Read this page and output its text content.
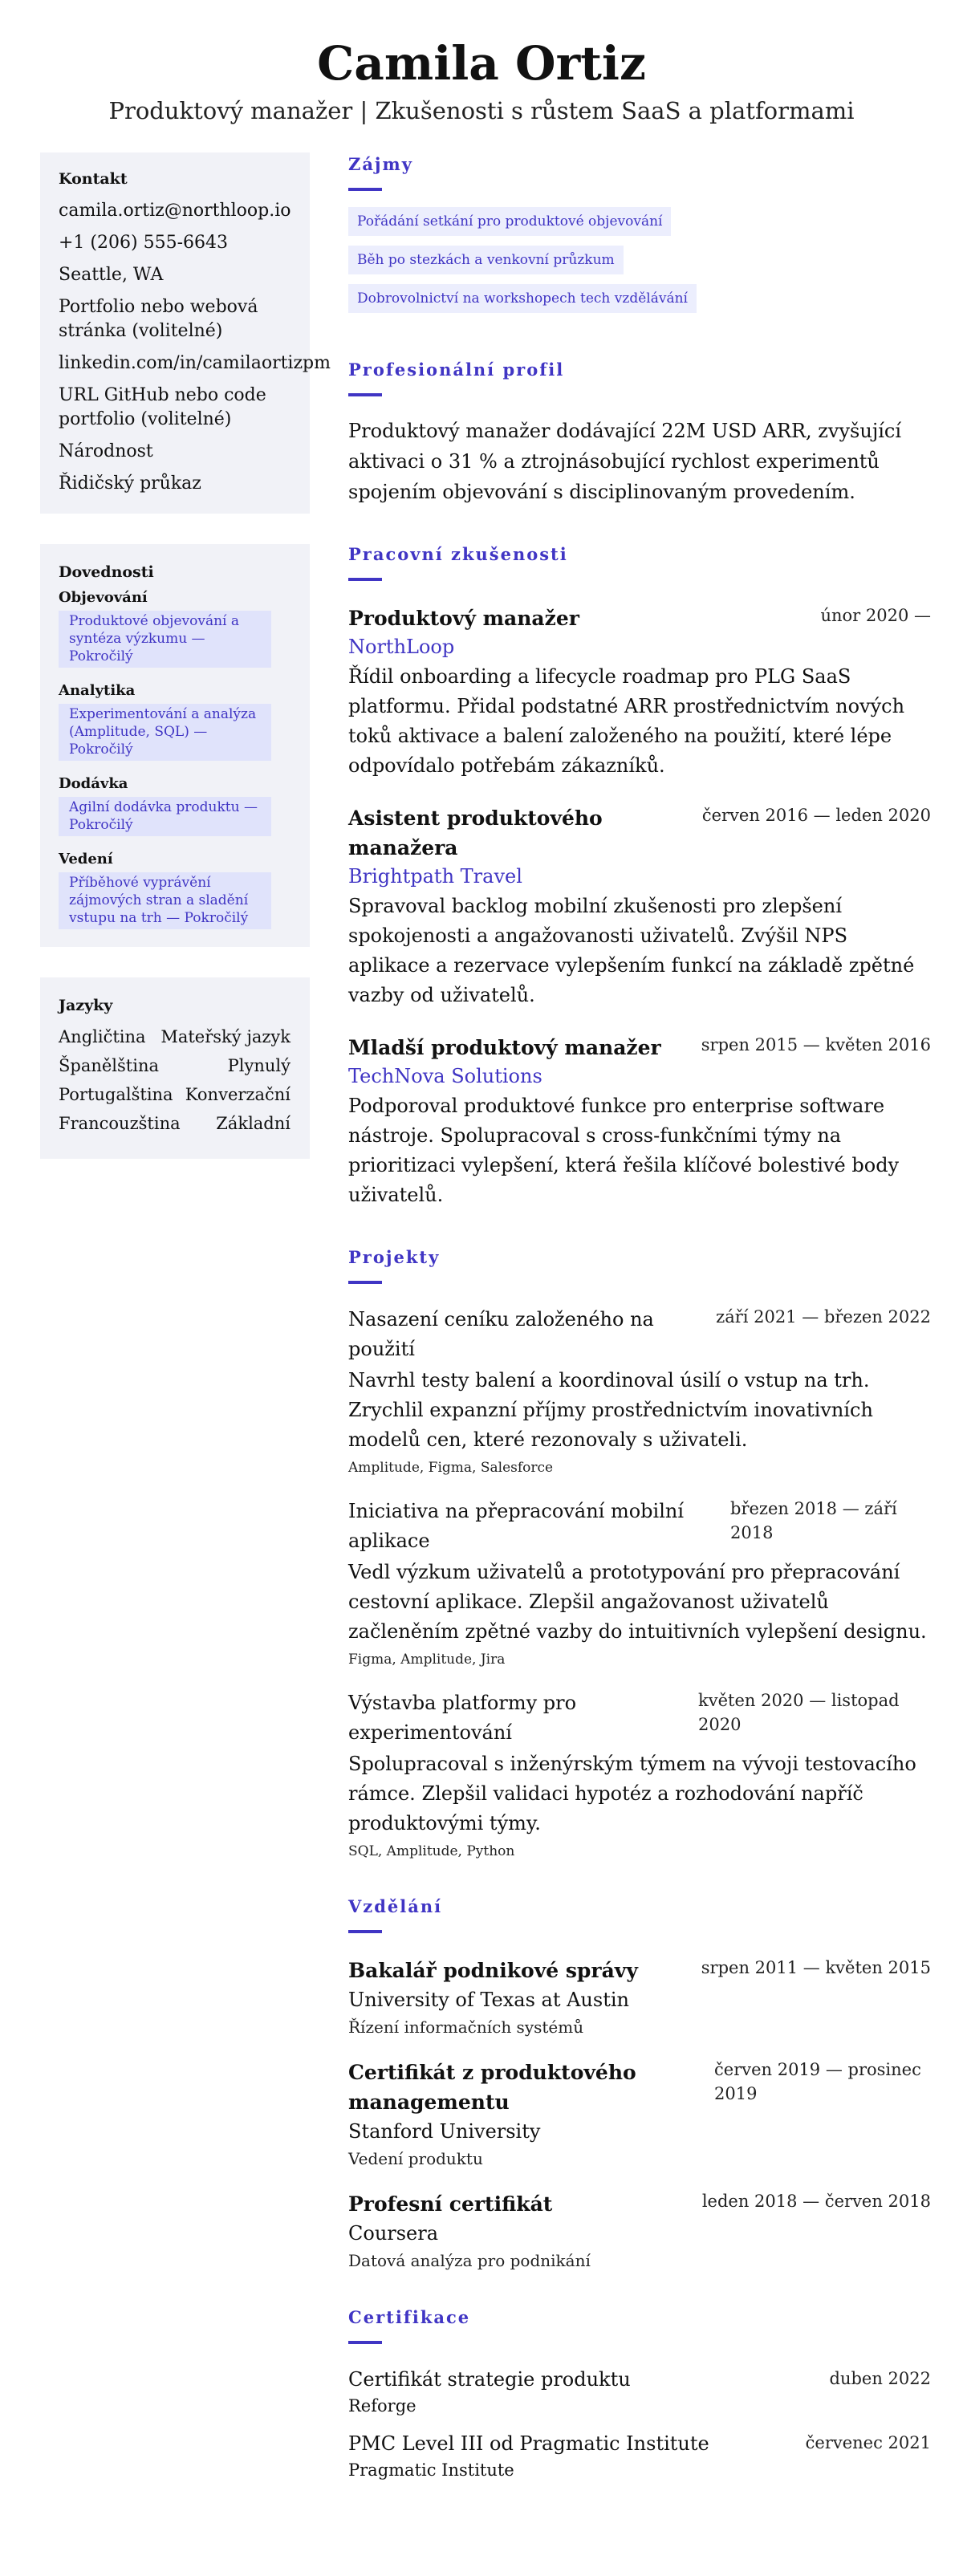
Camila Ortiz
Produktový manažer | Zkušenosti s růstem SaaS a platformami
Kontakt
camila.ortiz@northloop.io
+1 (206) 555-6643
Seattle, WA
Portfolio nebo webová stránka (volitelné)
linkedin.com/in/camilaortizpm
URL GitHub nebo code portfolio (volitelné)
Národnost
Řidičský průkaz
Dovednosti
Objevování
Produktové objevování a syntéza výzkumu — Pokročilý
Analytika
Experimentování a analýza (Amplitude, SQL) — Pokročilý
Dodávka
Agilní dodávka produktu — Pokročilý
Vedení
Příběhové vyprávění zájmových stran a sladění vstupu na trh — Pokročilý
Jazyky
Angličtina Mateřský jazyk
Španělština	Plynulý
Portugalština Konverzační
Francouzština Základní
Zájmy
Pořádání setkání pro produktové objevování
Běh po stezkách a venkovní průzkum
Dobrovolnictví na workshopech tech vzdělávání
Profesionální profil

Produktový manažer dodávající 22M USD ARR, zvyšující aktivaci o 31 % a ztrojnásobující rychlost experimentů spojením objevování s disciplinovaným provedením.

Pracovní zkušenosti
Produktový manažer	únor 2020 —
NorthLoop

Řídil onboarding a lifecycle roadmap pro PLG SaaS platformu. Přidal podstatné ARR prostřednictvím nových toků aktivace a balení založeného na použití, které lépe odpovídalo potřebám zákazníků.

Asistent produktového manažera
červen 2016 — leden 2020
Brightpath Travel

Spravoval backlog mobilní zkušenosti pro zlepšení spokojenosti a angažovanosti uživatelů. Zvýšil NPS aplikace a rezervace vylepšením funkcí na základě zpětné vazby od uživatelů.

Mladší produktový manažer srpen 2015 — květen 2016
TechNova Solutions

Podporoval produktové funkce pro enterprise software nástroje. Spolupracoval s cross-funkčními týmy na prioritizaci vylepšení, která řešila klíčové bolestivé body uživatelů.

Projekty
Nasazení ceníku založeného na použití
září 2021 — březen 2022

Navrhl testy balení a koordinoval úsilí o vstup na trh. Zrychlil expanzní příjmy prostřednictvím inovativních modelů cen, které rezonovaly s uživateli.

Amplitude, Figma, Salesforce
Iniciativa na přepracování mobilní aplikace
březen 2018 — září 2018

Vedl výzkum uživatelů a prototypování pro přepracování cestovní aplikace. Zlepšil angažovanost uživatelů začleněním zpětné vazby do intuitivních vylepšení designu.

Figma, Amplitude, Jira
Výstavba platformy pro experimentování
květen 2020 — listopad 2020

Spolupracoval s inženýrským týmem na vývoji testovacího rámce. Zlepšil validaci hypotéz a rozhodování napříč produktovými týmy.

SQL, Amplitude, Python
Vzdělání
Bakalář podnikové správy	srpen 2011 — květen 2015
University of Texas at Austin
Řízení informačních systémů
Certifikát z produktového managementu
červen 2019 — prosinec 2019
Stanford University
Vedení produktu
Profesní certifikát	leden 2018 — červen 2018
Coursera
Datová analýza pro podnikání
Certifikace
Certifikát strategie produktu	duben 2022
Reforge
PMC Level III od Pragmatic Institute	červenec 2021
Pragmatic Institute
